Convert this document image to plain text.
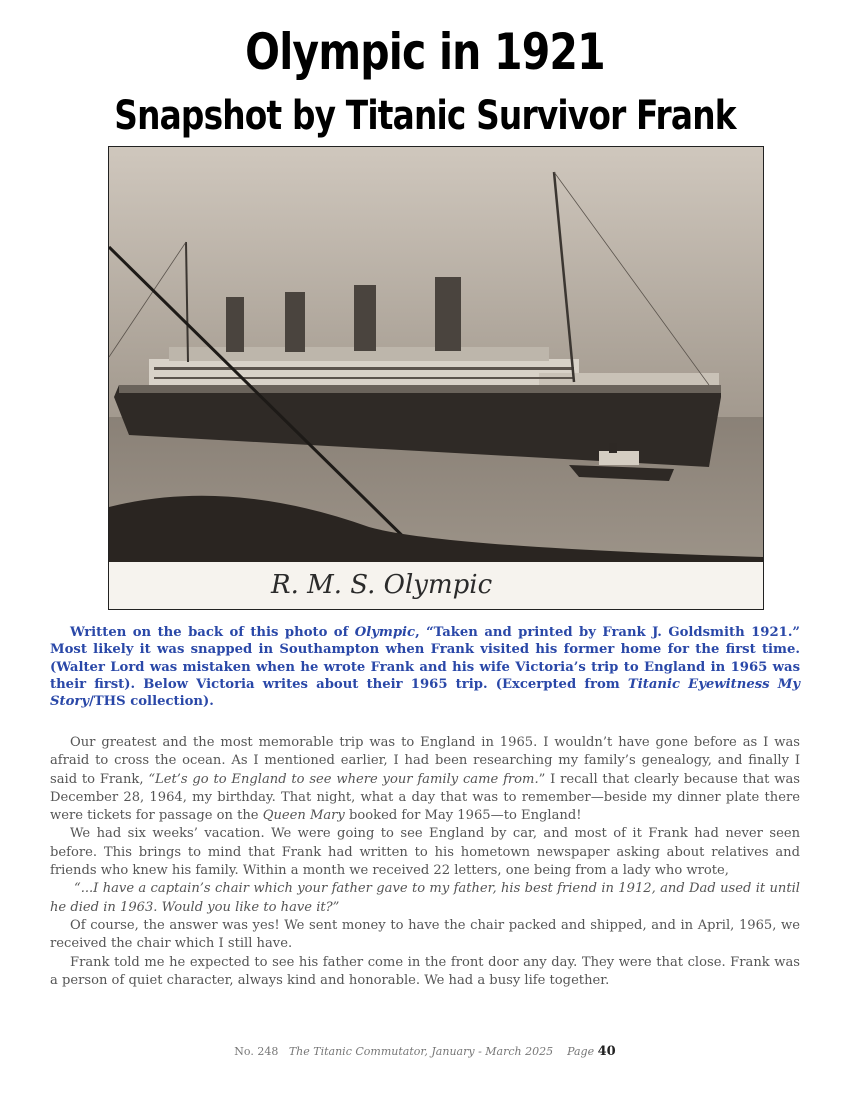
Olympic in 1921
Snapshot by Titanic Survivor Frank
R. M. S. Olympic
Written on the back of this photo of Olympic, “Taken and printed by Frank J. Goldsmith 1921.” Most likely it was snapped in Southampton when Frank visited his former home for the first time. (Walter Lord was mistaken when he wrote Frank and his wife Victoria’s trip to England in 1965 was their first). Below Victoria writes about their 1965 trip. (Excerpted from Titanic Eyewitness My Story/THS collection).

Our greatest and the most memorable trip was to England in 1965. I wouldn’t have gone before as I was afraid to cross the ocean. As I mentioned earlier, I had been researching my family’s genealogy, and finally I said to Frank, “Let’s go to England to see where your family came from.” I recall that clearly because that was December 28, 1964, my birthday. That night, what a day that was to remember—beside my dinner plate there were tickets for passage on the Queen Mary booked for May 1965—to England!

We had six weeks’ vacation. We were going to see England by car, and most of it Frank had never seen before. This brings to mind that Frank had written to his hometown newspaper asking about relatives and friends who knew his family. Within a month we received 22 letters, one being from a lady who wrote,

“...I have a captain’s chair which your father gave to my father, his best friend in 1912, and Dad used it until he died in 1963. Would you like to have it?”

Of course, the answer was yes! We sent money to have the chair packed and shipped, and in April, 1965, we received the chair which I still have.

Frank told me he expected to see his father come in the front door any day. They were that close. Frank was a person of quiet character, always kind and honorable. We had a busy life together.

No. 248 The Titanic Commutator, January - March 2025 Page 40
